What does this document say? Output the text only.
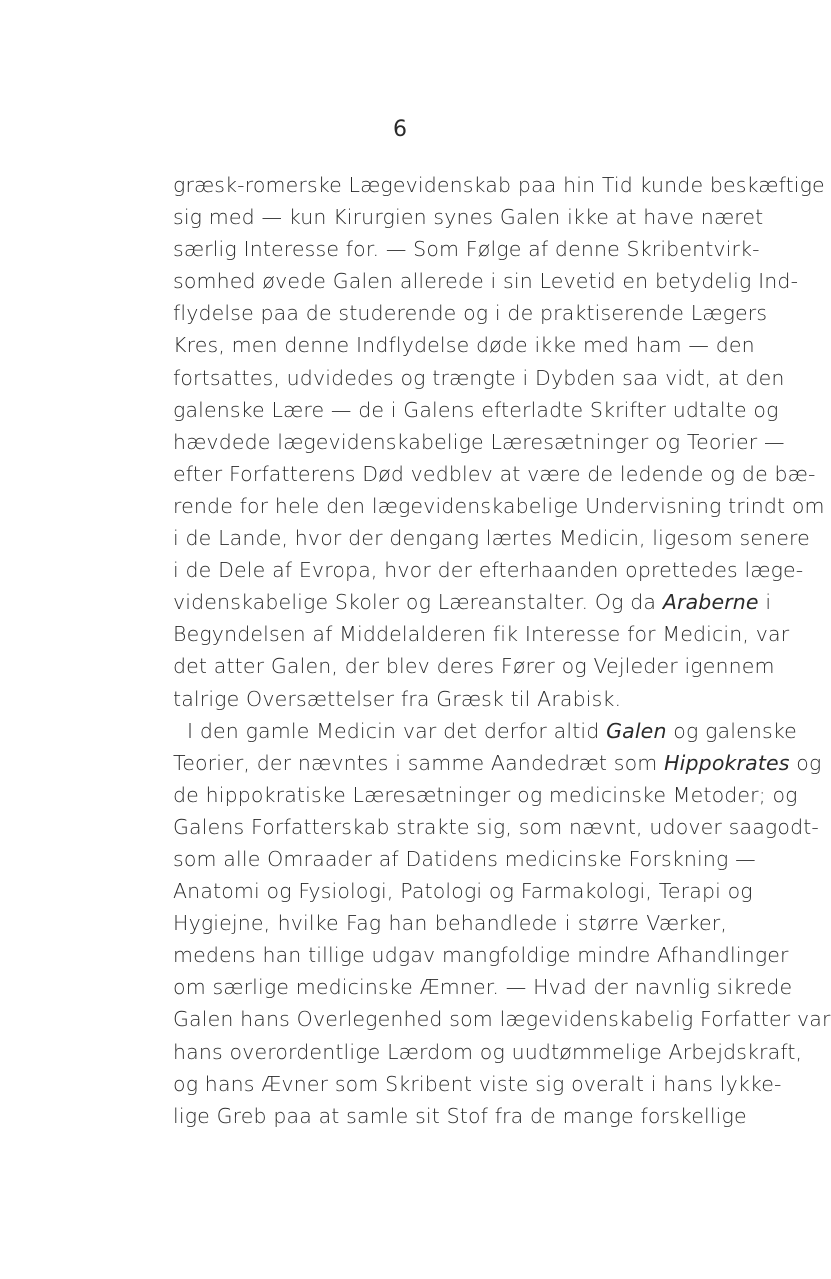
6
græsk-romerske Lægevidenskab paa hin Tid kunde beskæftige
sig med — kun Kirurgien synes Galen ikke at have næret
særlig Interesse for. — Som Følge af denne Skribentvirk-
somhed øvede Galen allerede i sin Levetid en betydelig Ind-
flydelse paa de studerende og i de praktiserende Lægers
Kres, men denne Indflydelse døde ikke med ham — den
fortsattes, udvidedes og trængte i Dybden saa vidt, at den
galenske Lære — de i Galens efterladte Skrifter udtalte og
hævdede lægevidenskabelige Læresætninger og Teorier —
efter Forfatterens Død vedblev at være de ledende og de bæ-
rende for hele den lægevidenskabelige Undervisning trindt om
i de Lande, hvor der dengang lærtes Medicin, ligesom senere
i de Dele af Evropa, hvor der efterhaanden oprettedes læge-
videnskabelige Skoler og Læreanstalter. Og da Araberne i
Begyndelsen af Middelalderen fik Interesse for Medicin, var
det atter Galen, der blev deres Fører og Vejleder igennem
talrige Oversættelser fra Græsk til Arabisk.
I den gamle Medicin var det derfor altid Galen og galenske
Teorier, der nævntes i samme Aandedræt som Hippokrates og
de hippokratiske Læresætninger og medicinske Metoder; og
Galens Forfatterskab strakte sig, som nævnt, udover saagodt-
som alle Omraader af Datidens medicinske Forskning —
Anatomi og Fysiologi, Patologi og Farmakologi, Terapi og
Hygiejne, hvilke Fag han behandlede i større Værker,
medens han tillige udgav mangfoldige mindre Afhandlinger
om særlige medicinske Æmner. — Hvad der navnlig sikrede
Galen hans Overlegenhed som lægevidenskabelig Forfatter var
hans overordentlige Lærdom og uudtømmelige Arbejdskraft,
og hans Ævner som Skribent viste sig overalt i hans lykke-
lige Greb paa at samle sit Stof fra de mange forskellige
